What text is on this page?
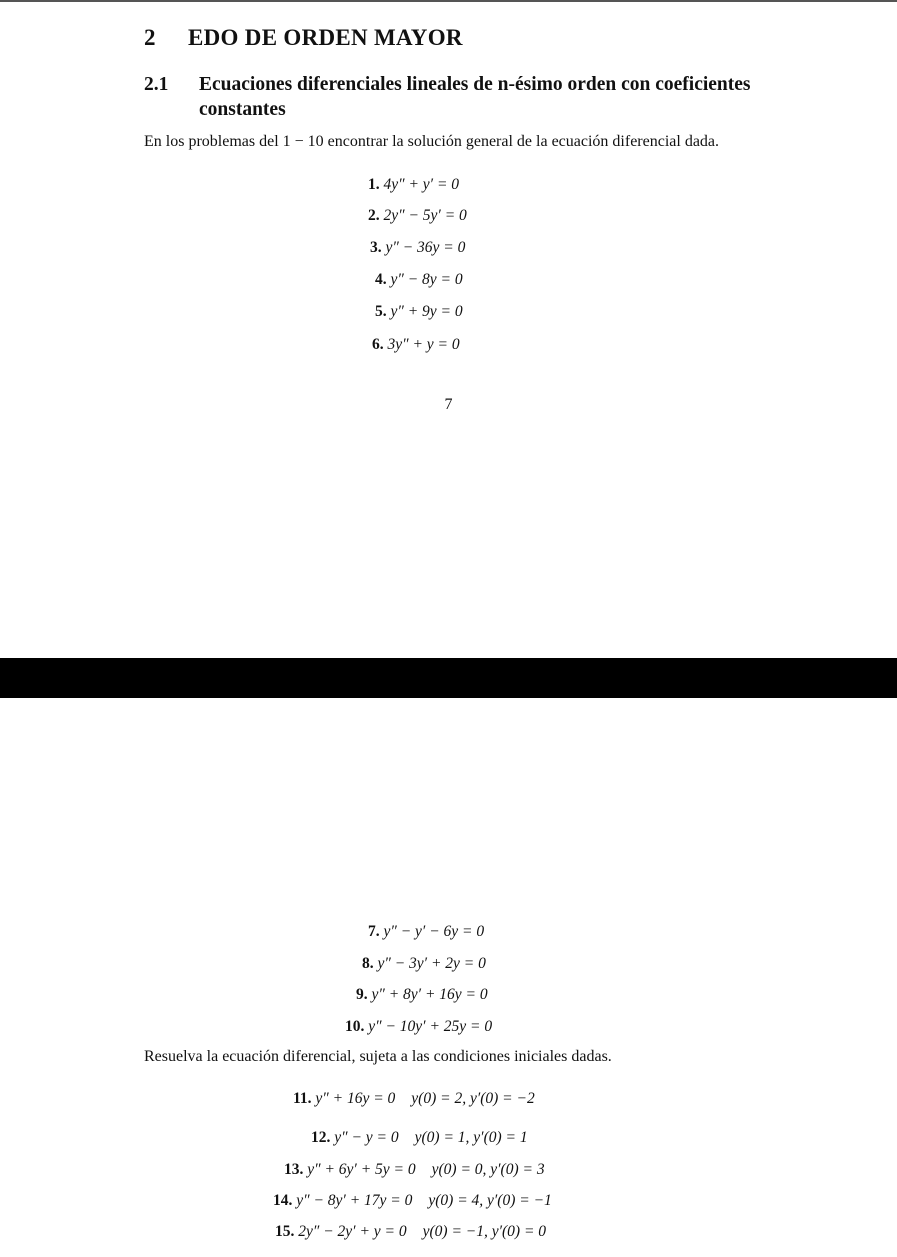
2 EDO DE ORDEN MAYOR
2.1 Ecuaciones diferenciales lineales de n-ésimo orden con coeficientes constantes
En los problemas del 1 − 10 encontrar la solución general de la ecuación diferencial dada.
1. 4y″ + y′ = 0
2. 2y″ − 5y′ = 0
3. y″ − 36y = 0
4. y″ − 8y = 0
5. y″ + 9y = 0
6. 3y″ + y = 0
7
7. y″ − y′ − 6y = 0
8. y″ − 3y′ + 2y = 0
9. y″ + 8y′ + 16y = 0
10. y″ − 10y′ + 25y = 0
Resuelva la ecuación diferencial, sujeta a las condiciones iniciales dadas.
11. y″ + 16y = 0 y(0) = 2, y′(0) = −2
12. y″ − y = 0 y(0) = 1, y′(0) = 1
13. y″ + 6y′ + 5y = 0 y(0) = 0, y′(0) = 3
14. y″ − 8y′ + 17y = 0 y(0) = 4, y′(0) = −1
15. 2y″ − 2y′ + y = 0 y(0) = −1, y′(0) = 0
